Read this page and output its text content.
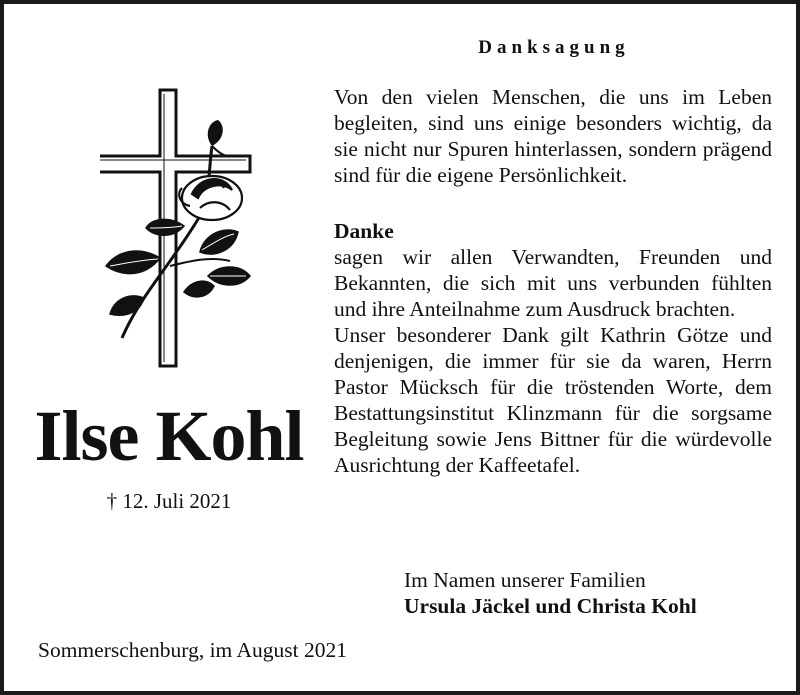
Danksagung
Ilse Kohl
† 12. Juli 2021

Von den vielen Menschen, die uns im Leben begleiten, sind uns einige besonders wichtig, da sie nicht nur Spuren hinterlassen, sondern prägend sind für die eigene Persönlichkeit.

Danke

sagen wir allen Verwandten, Freunden und Bekannten, die sich mit uns verbunden fühlten und ihre Anteilnahme zum Ausdruck brachten.

Unser besonderer Dank gilt Kathrin Götze und denjenigen, die immer für sie da waren, Herrn Pastor Mücksch für die tröstenden Worte, dem Bestattungsinstitut Klinzmann für die sorgsame Begleitung sowie Jens Bittner für die würdevolle Ausrichtung der Kaffeetafel.

Im Namen unserer Familien
Ursula Jäckel und Christa Kohl
Sommerschenburg, im August 2021
